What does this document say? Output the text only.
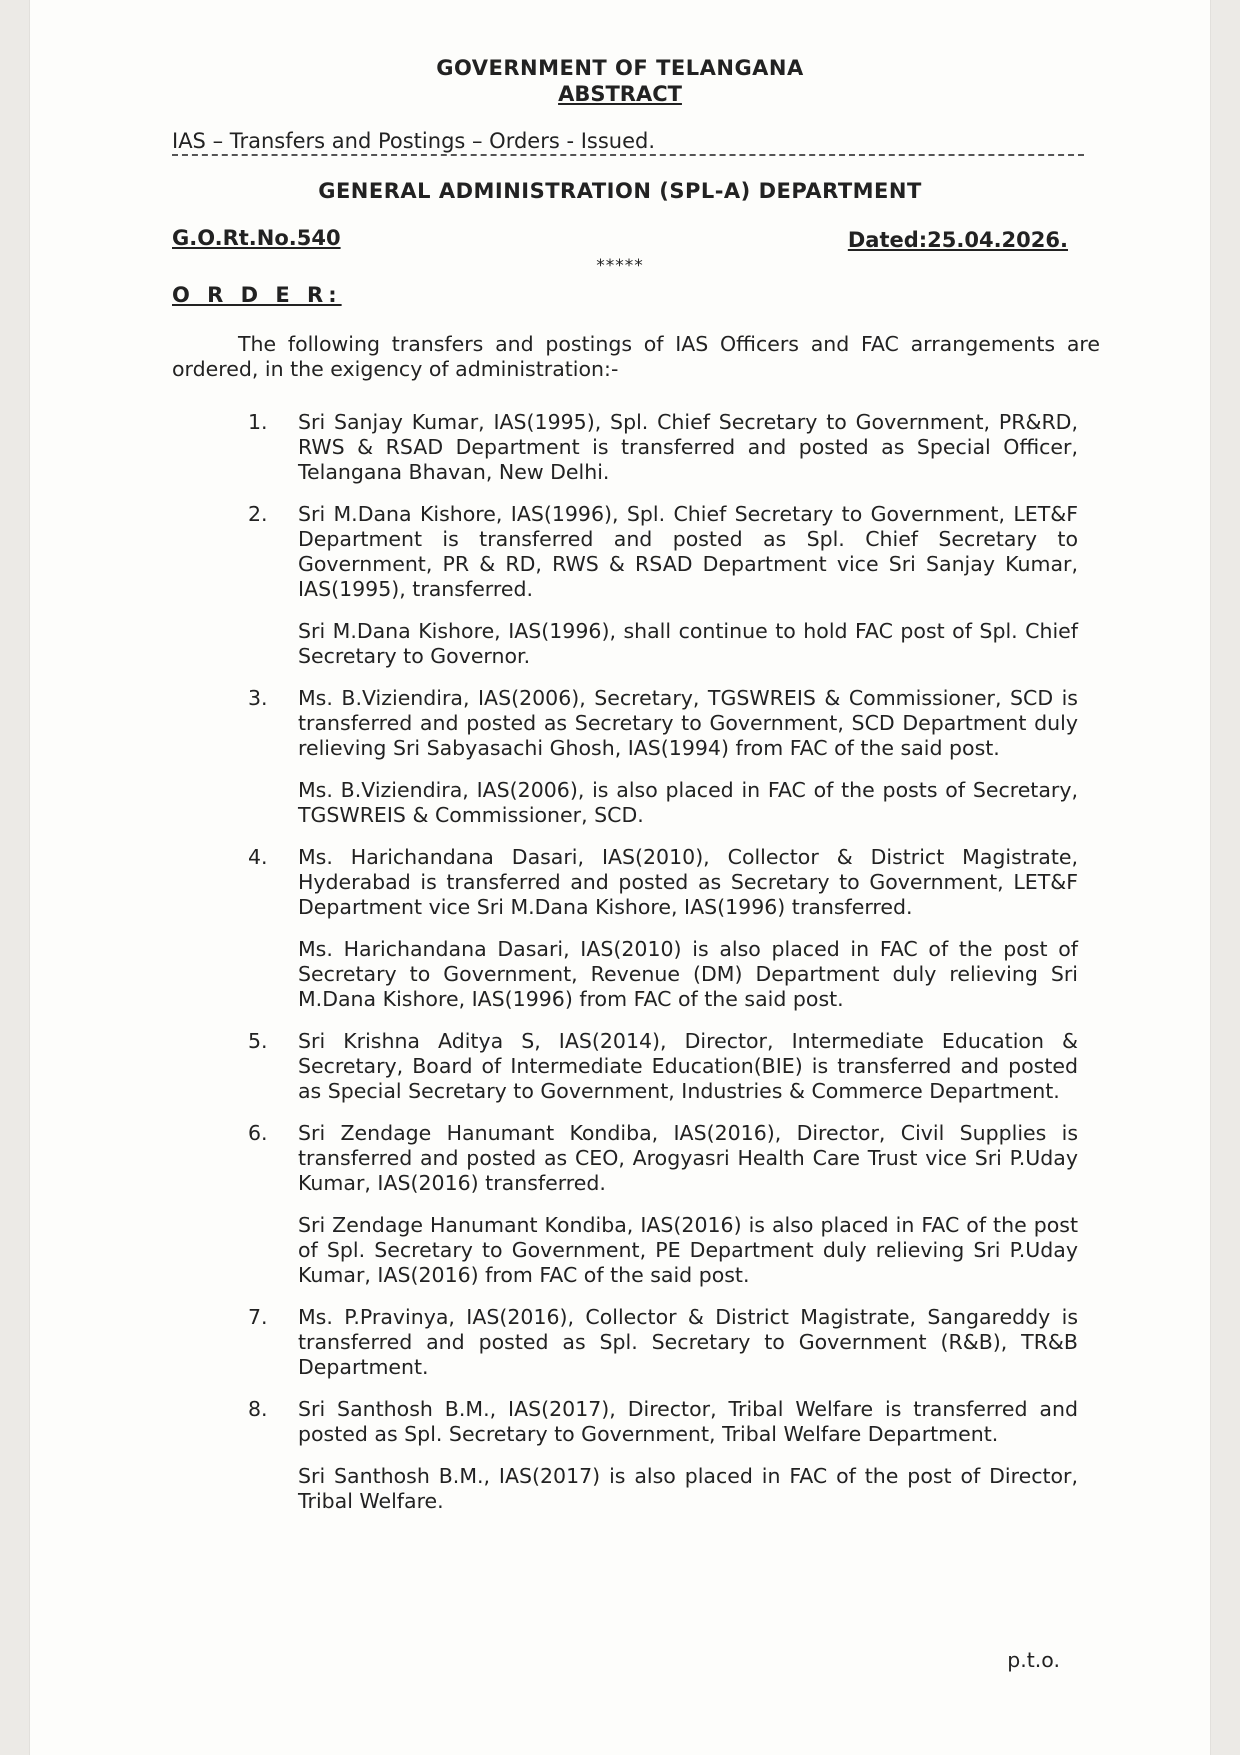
GOVERNMENT OF TELANGANA
ABSTRACT
IAS – Transfers and Postings – Orders - Issued.
GENERAL ADMINISTRATION (SPL-A) DEPARTMENT
G.O.Rt.No.540	Dated:25.04.2026.
*****
O R D E R:
The following transfers and postings of IAS Officers and FAC arrangements are ordered, in the exigency of administration:-
1.	Sri Sanjay Kumar, IAS(1995), Spl. Chief Secretary to Government, PR&RD, RWS & RSAD Department is transferred and posted as Special Officer, Telangana Bhavan, New Delhi.

2.	Sri M.Dana Kishore, IAS(1996), Spl. Chief Secretary to Government, LET&F Department is transferred and posted as Spl. Chief Secretary to Government, PR & RD, RWS & RSAD Department vice Sri Sanjay Kumar, IAS(1995), transferred.

Sri M.Dana Kishore, IAS(1996), shall continue to hold FAC post of Spl. Chief Secretary to Governor.

3.	Ms. B.Viziendira, IAS(2006), Secretary, TGSWREIS & Commissioner, SCD is transferred and posted as Secretary to Government, SCD Department duly relieving Sri Sabyasachi Ghosh, IAS(1994) from FAC of the said post.

Ms. B.Viziendira, IAS(2006), is also placed in FAC of the posts of Secretary, TGSWREIS & Commissioner, SCD.

4.	Ms. Harichandana Dasari, IAS(2010), Collector & District Magistrate, Hyderabad is transferred and posted as Secretary to Government, LET&F Department vice Sri M.Dana Kishore, IAS(1996) transferred.

Ms. Harichandana Dasari, IAS(2010) is also placed in FAC of the post of Secretary to Government, Revenue (DM) Department duly relieving Sri M.Dana Kishore, IAS(1996) from FAC of the said post.

5.	Sri Krishna Aditya S, IAS(2014), Director, Intermediate Education & Secretary, Board of Intermediate Education(BIE) is transferred and posted as Special Secretary to Government, Industries & Commerce Department.

6.	Sri Zendage Hanumant Kondiba, IAS(2016), Director, Civil Supplies is transferred and posted as CEO, Arogyasri Health Care Trust vice Sri P.Uday Kumar, IAS(2016) transferred.

Sri Zendage Hanumant Kondiba, IAS(2016) is also placed in FAC of the post of Spl. Secretary to Government, PE Department duly relieving Sri P.Uday Kumar, IAS(2016) from FAC of the said post.

7.	Ms. P.Pravinya, IAS(2016), Collector & District Magistrate, Sangareddy is transferred and posted as Spl. Secretary to Government (R&B), TR&B Department.

8.	Sri Santhosh B.M., IAS(2017), Director, Tribal Welfare is transferred and posted as Spl. Secretary to Government, Tribal Welfare Department.

Sri Santhosh B.M., IAS(2017) is also placed in FAC of the post of Director, Tribal Welfare.

p.t.o.
